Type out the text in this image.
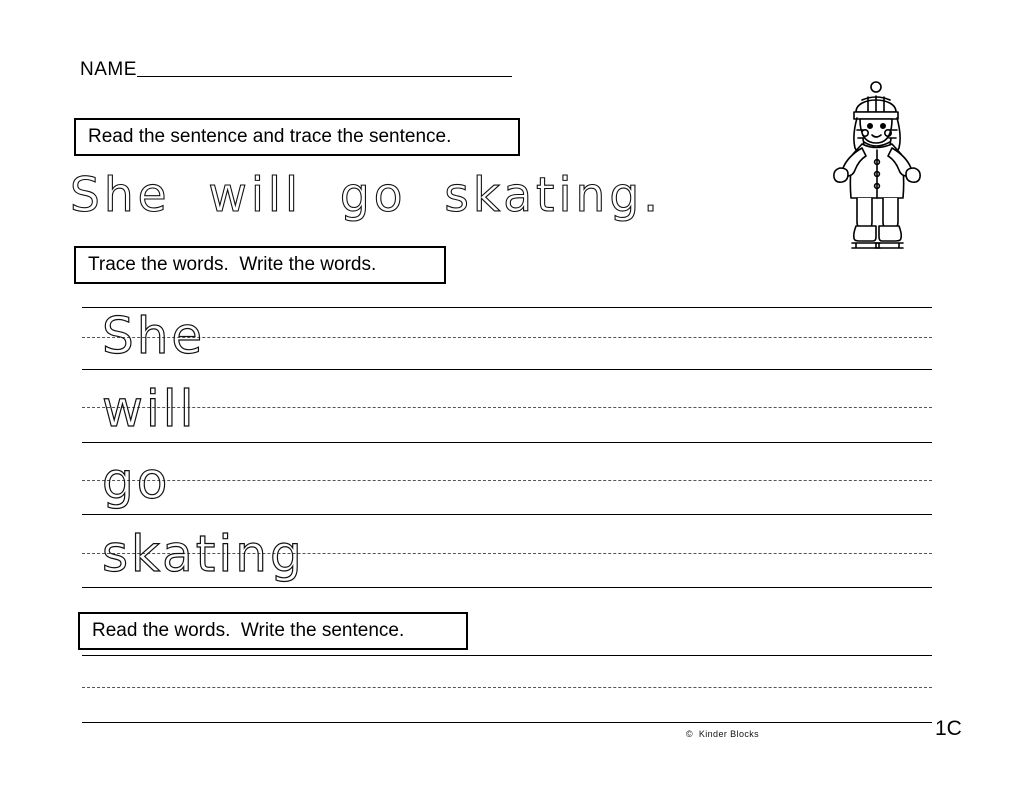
NAME
Read the sentence and trace the sentence.
She  will  go  skating.
Trace the words.  Write the words.
She
will
go
skating
Read the words.  Write the sentence.
©  Kinder Blocks	1C
